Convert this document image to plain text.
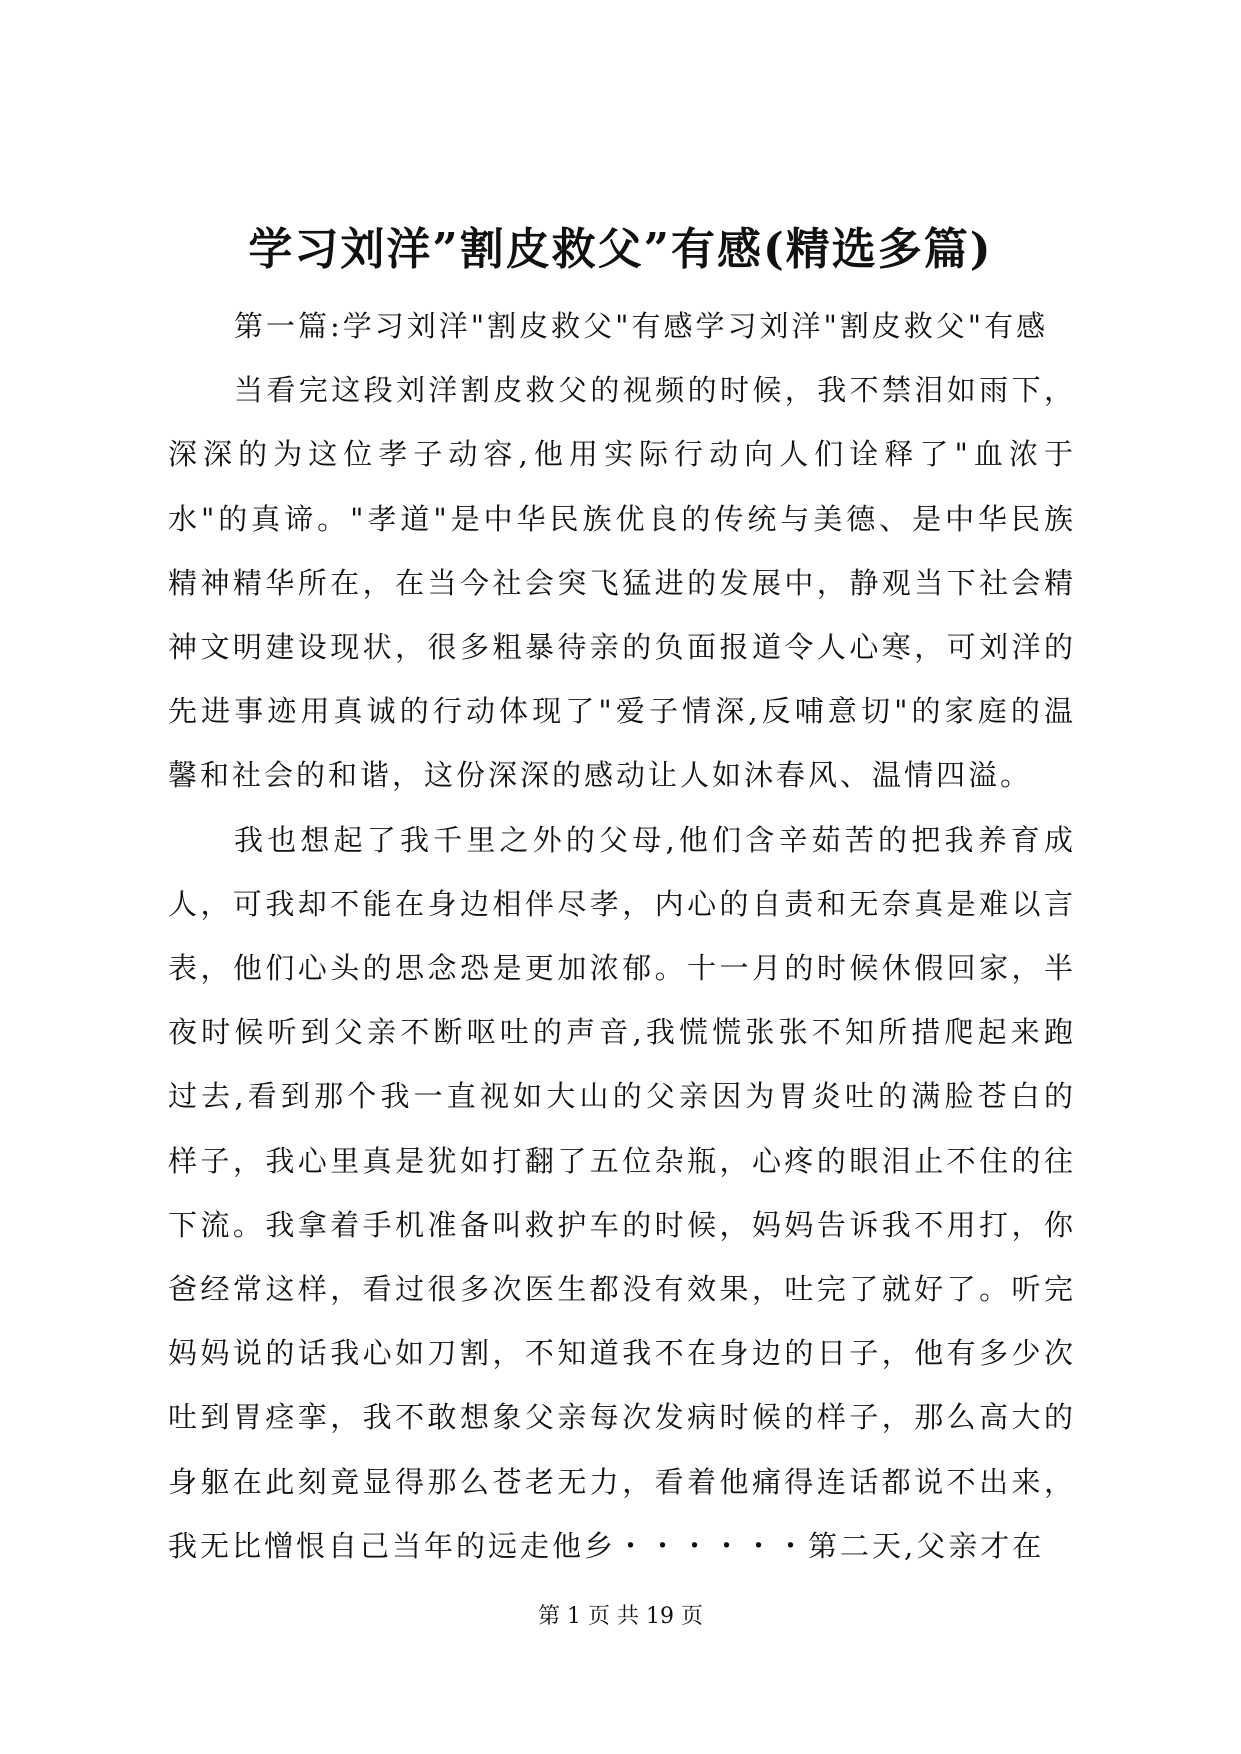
学习刘洋”割皮救父”有感(精选多篇)

第一篇:学习刘洋"割皮救父"有感学习刘洋"割皮救父"有感

当看完这段刘洋割皮救父的视频的时候，我不禁泪如雨下，深深的为这位孝子动容,他用实际行动向人们诠释了"血浓于水"的真谛。"孝道"是中华民族优良的传统与美德、是中华民族精神精华所在，在当今社会突飞猛进的发展中，静观当下社会精神文明建设现状，很多粗暴待亲的负面报道令人心寒，可刘洋的先进事迹用真诚的行动体现了"爱子情深,反哺意切"的家庭的温馨和社会的和谐，这份深深的感动让人如沐春风、温情四溢。

我也想起了我千里之外的父母,他们含辛茹苦的把我养育成人，可我却不能在身边相伴尽孝，内心的自责和无奈真是难以言表，他们心头的思念恐是更加浓郁。十一月的时候休假回家，半夜时候听到父亲不断呕吐的声音,我慌慌张张不知所措爬起来跑过去,看到那个我一直视如大山的父亲因为胃炎吐的满脸苍白的样子，我心里真是犹如打翻了五位杂瓶，心疼的眼泪止不住的往下流。我拿着手机准备叫救护车的时候，妈妈告诉我不用打，你爸经常这样，看过很多次医生都没有效果，吐完了就好了。听完妈妈说的话我心如刀割，不知道我不在身边的日子，他有多少次吐到胃痉挛，我不敢想象父亲每次发病时候的样子，那么高大的身躯在此刻竟显得那么苍老无力，看着他痛得连话都说不出来，我无比憎恨自己当年的远走他乡・・・・・・第二天,父亲才在

第 1 页 共 19 页
